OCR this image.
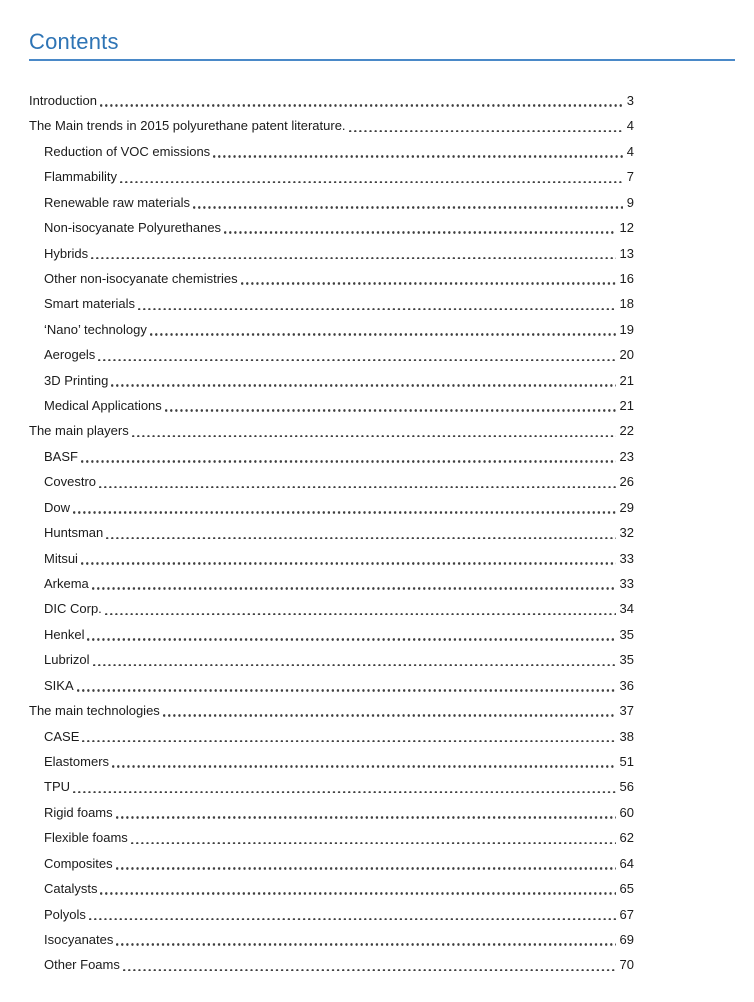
Contents
Introduction	3
The Main trends in 2015 polyurethane patent literature.	4
Reduction of VOC emissions	4
Flammability	7
Renewable raw materials	9
Non-isocyanate Polyurethanes	12
Hybrids	13
Other non-isocyanate chemistries	16
Smart materials	18
‘Nano’ technology	19
Aerogels	20
3D Printing	21
Medical Applications	21
The main players	22
BASF	23
Covestro	26
Dow	29
Huntsman	32
Mitsui	33
Arkema	33
DIC Corp.	34
Henkel	35
Lubrizol	35
SIKA	36
The main technologies	37
CASE	38
Elastomers	51
TPU	56
Rigid foams	60
Flexible foams	62
Composites	64
Catalysts	65
Polyols	67
Isocyanates	69
Other Foams	70
